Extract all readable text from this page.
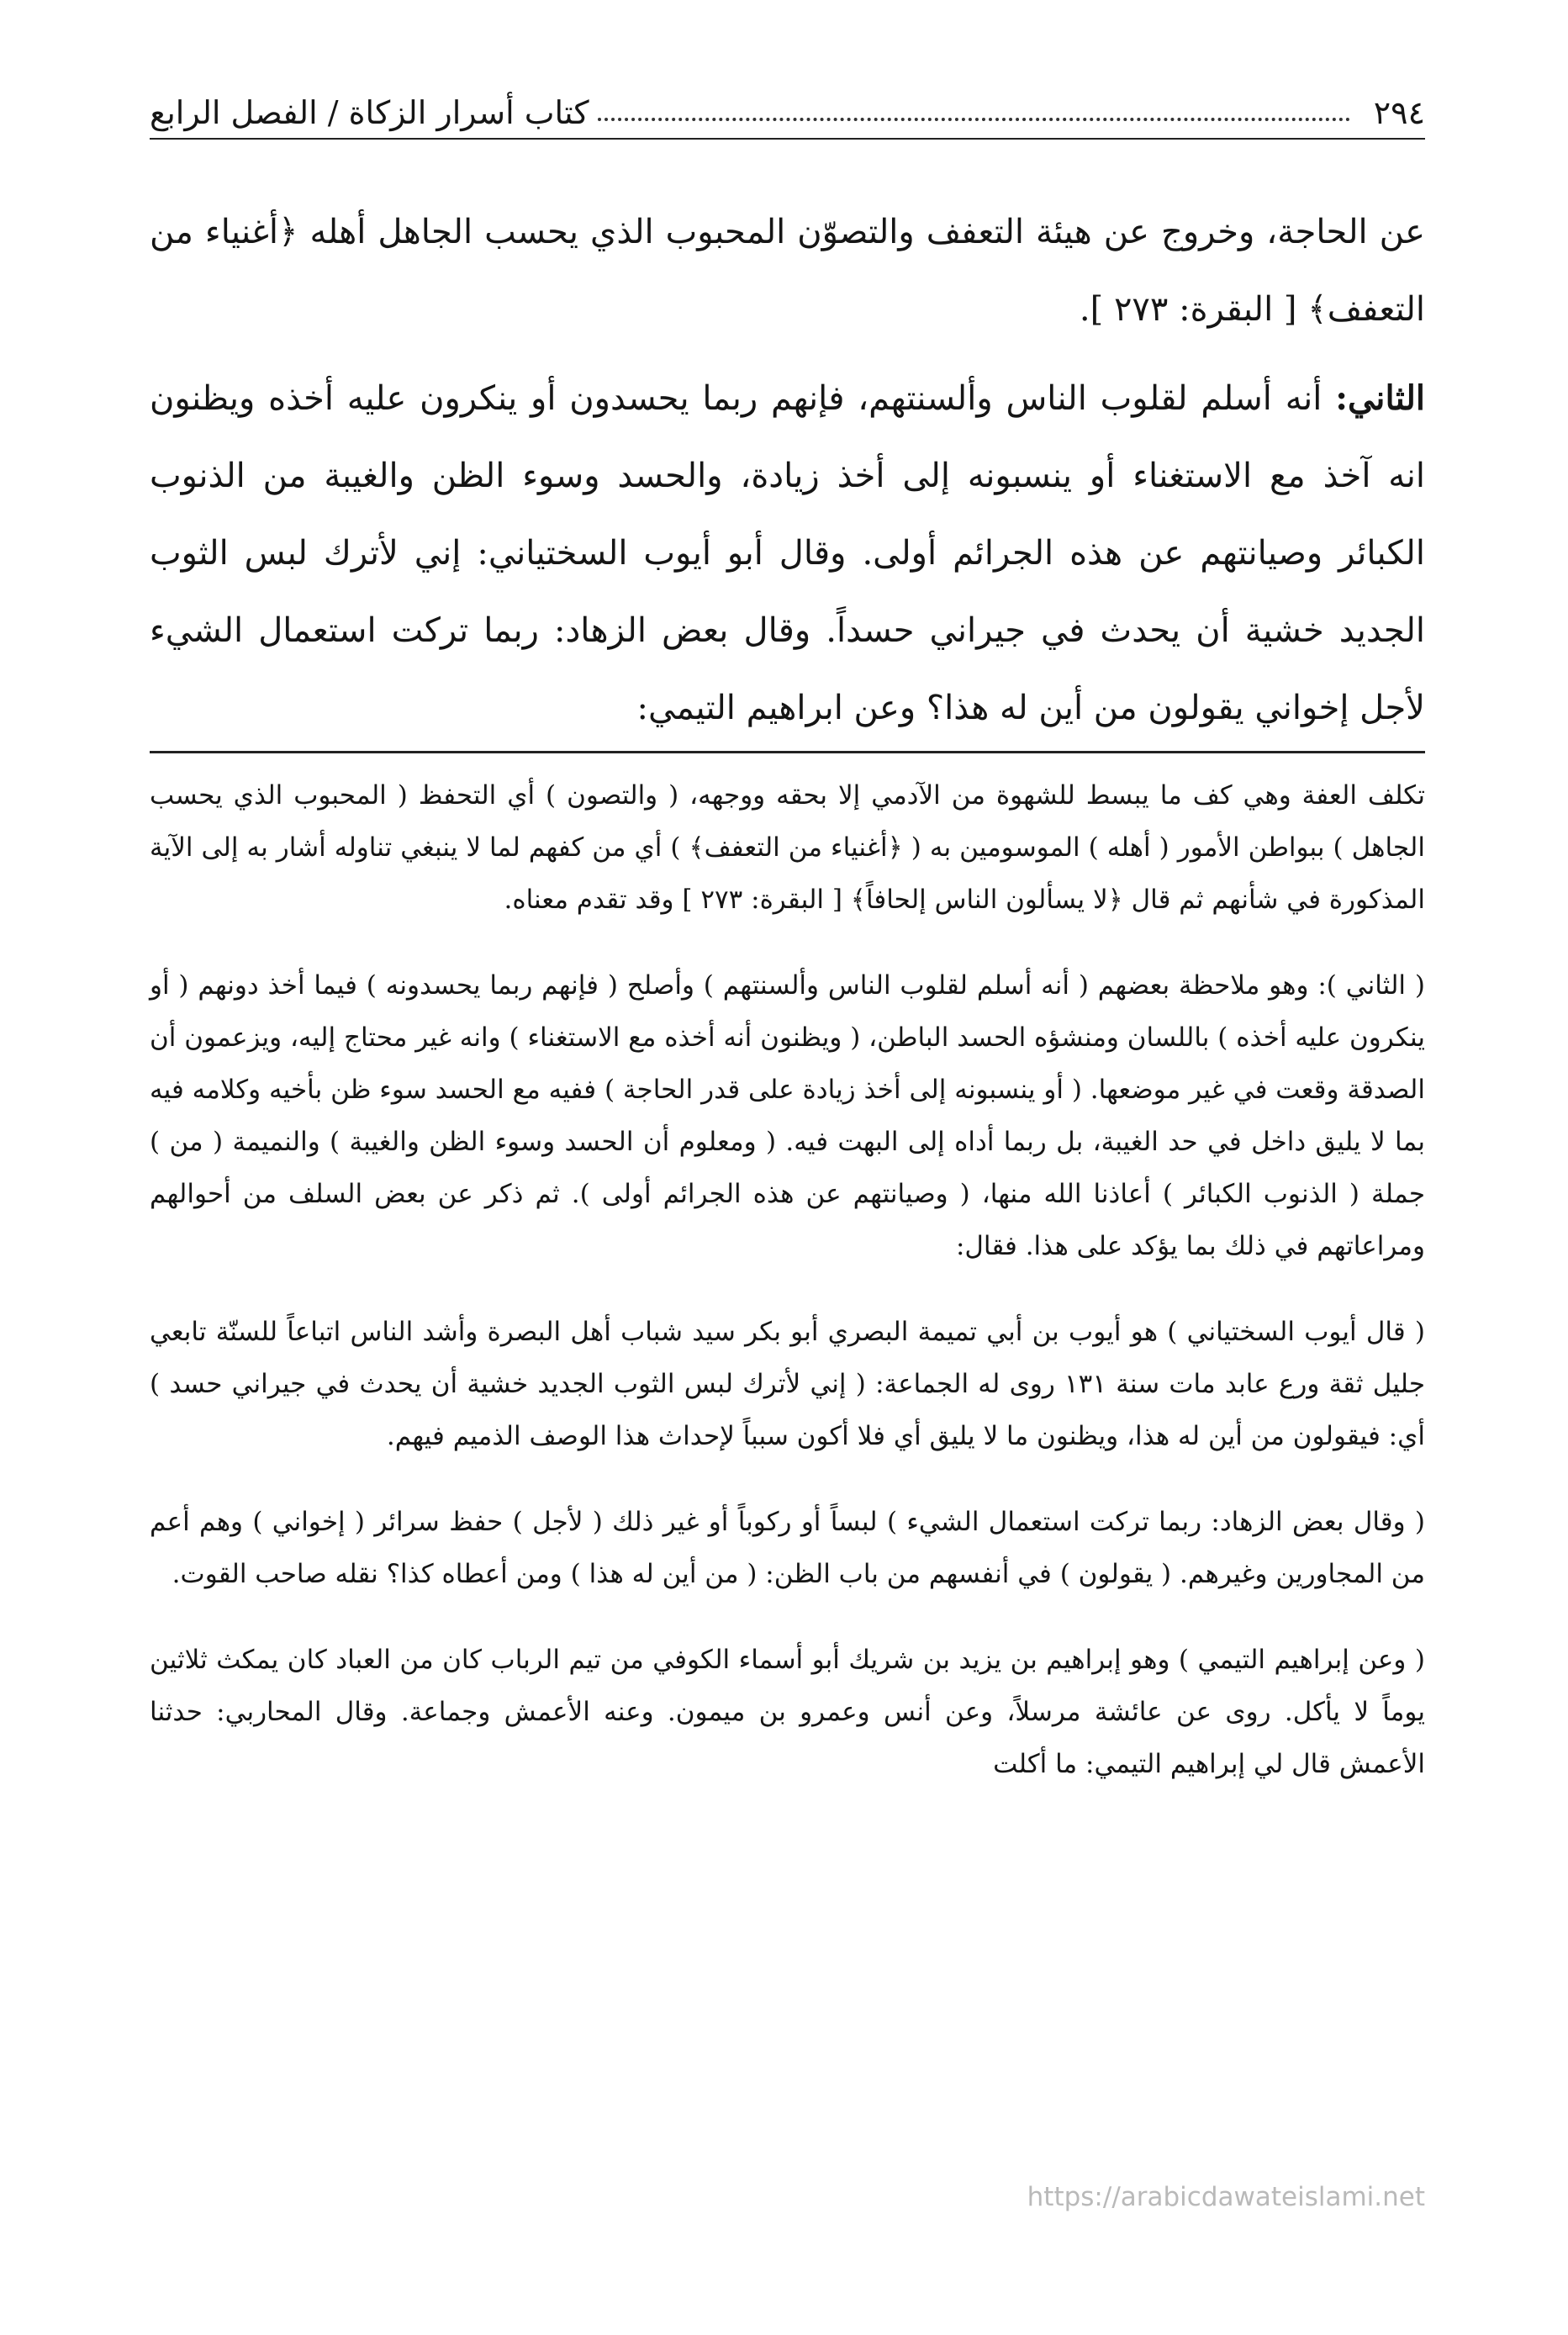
٢٩٤
كتاب أسرار الزكاة / الفصل الرابع

عن الحاجة، وخروج عن هيئة التعفف والتصوّن المحبوب الذي يحسب الجاهل أهله ﴿أغنياء من التعفف﴾ [ البقرة: ٢٧٣ ].

الثاني: أنه أسلم لقلوب الناس وألسنتهم، فإنهم ربما يحسدون أو ينكرون عليه أخذه ويظنون انه آخذ مع الاستغناء أو ينسبونه إلى أخذ زيادة، والحسد وسوء الظن والغيبة من الذنوب الكبائر وصيانتهم عن هذه الجرائم أولى. وقال أبو أيوب السختياني: إني لأترك لبس الثوب الجديد خشية أن يحدث في جيراني حسداً. وقال بعض الزهاد: ربما تركت استعمال الشيء لأجل إخواني يقولون من أين له هذا؟ وعن ابراهيم التيمي:

تكلف العفة وهي كف ما يبسط للشهوة من الآدمي إلا بحقه ووجهه، ( والتصون ) أي التحفظ ( المحبوب الذي يحسب الجاهل ) ببواطن الأمور ( أهله ) الموسومين به ( ﴿أغنياء من التعفف﴾ ) أي من كفهم لما لا ينبغي تناوله أشار به إلى الآية المذكورة في شأنهم ثم قال ﴿لا يسألون الناس إلحافاً﴾ [ البقرة: ٢٧٣ ] وقد تقدم معناه.

( الثاني ): وهو ملاحظة بعضهم ( أنه أسلم لقلوب الناس وألسنتهم ) وأصلح ( فإنهم ربما يحسدونه ) فيما أخذ دونهم ( أو ينكرون عليه أخذه ) باللسان ومنشؤه الحسد الباطن، ( ويظنون أنه أخذه مع الاستغناء ) وانه غير محتاج إليه، ويزعمون أن الصدقة وقعت في غير موضعها. ( أو ينسبونه إلى أخذ زيادة على قدر الحاجة ) ففيه مع الحسد سوء ظن بأخيه وكلامه فيه بما لا يليق داخل في حد الغيبة، بل ربما أداه إلى البهت فيه. ( ومعلوم أن الحسد وسوء الظن والغيبة ) والنميمة ( من ) جملة ( الذنوب الكبائر ) أعاذنا الله منها، ( وصيانتهم عن هذه الجرائم أولى ). ثم ذكر عن بعض السلف من أحوالهم ومراعاتهم في ذلك بما يؤكد على هذا. فقال:

( قال أيوب السختياني ) هو أيوب بن أبي تميمة البصري أبو بكر سيد شباب أهل البصرة وأشد الناس اتباعاً للسنّة تابعي جليل ثقة ورع عابد مات سنة ١٣١ روى له الجماعة: ( إني لأترك لبس الثوب الجديد خشية أن يحدث في جيراني حسد ) أي: فيقولون من أين له هذا، ويظنون ما لا يليق أي فلا أكون سبباً لإحداث هذا الوصف الذميم فيهم.

( وقال بعض الزهاد: ربما تركت استعمال الشيء ) لبساً أو ركوباً أو غير ذلك ( لأجل ) حفظ سرائر ( إخواني ) وهم أعم من المجاورين وغيرهم. ( يقولون ) في أنفسهم من باب الظن: ( من أين له هذا ) ومن أعطاه كذا؟ نقله صاحب القوت.

( وعن إبراهيم التيمي ) وهو إبراهيم بن يزيد بن شريك أبو أسماء الكوفي من تيم الرباب كان من العباد كان يمكث ثلاثين يوماً لا يأكل. روى عن عائشة مرسلاً، وعن أنس وعمرو بن ميمون. وعنه الأعمش وجماعة. وقال المحاربي: حدثنا الأعمش قال لي إبراهيم التيمي: ما أكلت

https://arabicdawateislami.net
